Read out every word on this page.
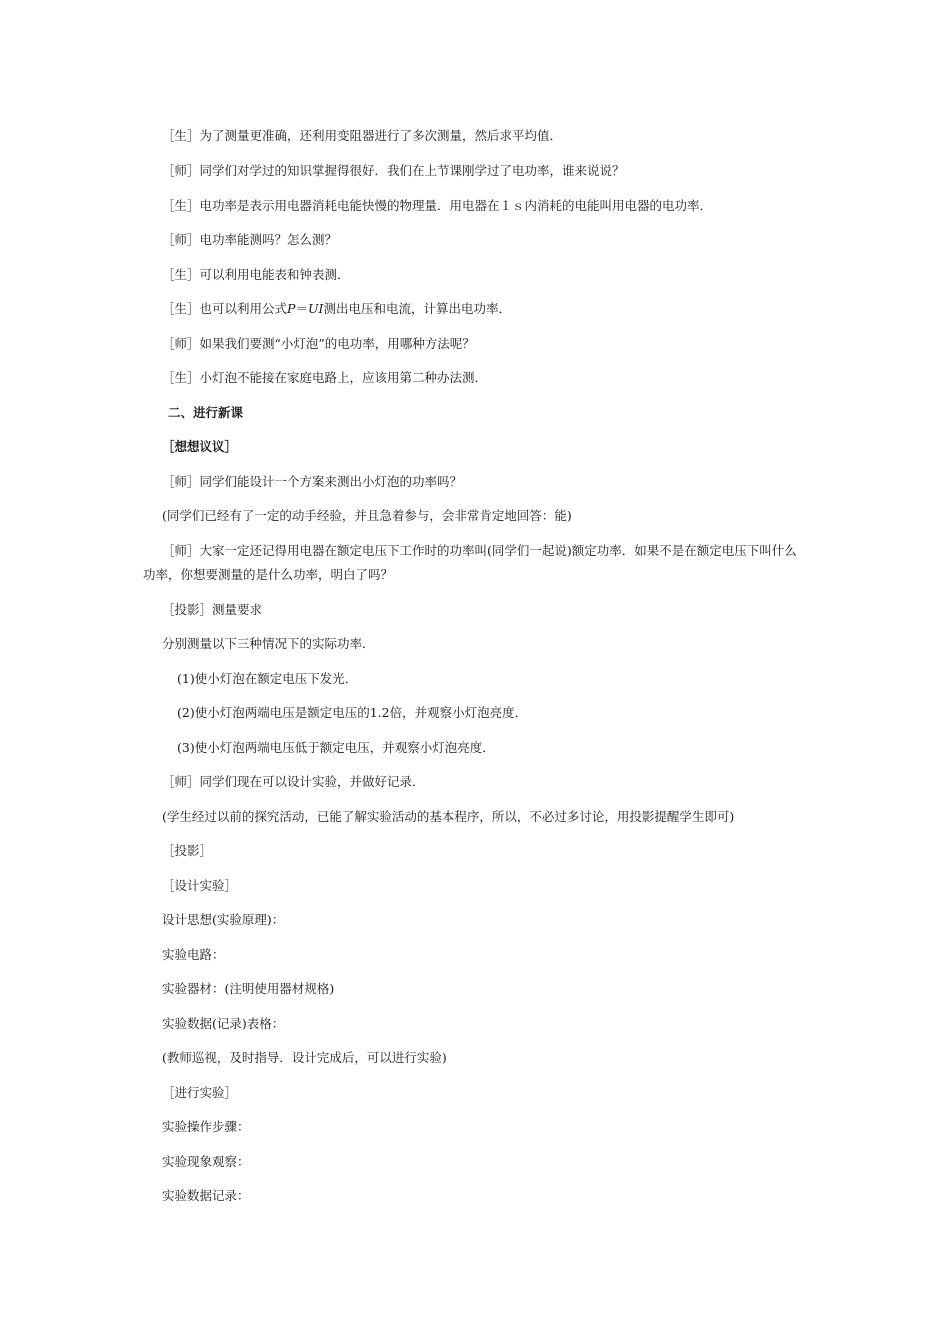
［生］为了测量更准确，还利用变阻器进行了多次测量，然后求平均值．
［师］同学们对学过的知识掌握得很好．我们在上节课刚学过了电功率，谁来说说？
［生］电功率是表示用电器消耗电能快慢的物理量．用电器在１ｓ内消耗的电能叫用电器的电功率．
［师］电功率能测吗？怎么测？
［生］可以利用电能表和钟表测．
［生］也可以利用公式P＝UI测出电压和电流，计算出电功率．
［师］如果我们要测“小灯泡”的电功率，用哪种方法呢？
［生］小灯泡不能接在家庭电路上，应该用第二种办法测．
二、进行新课
［想想议议］
［师］同学们能设计一个方案来测出小灯泡的功率吗？
(同学们已经有了一定的动手经验，并且急着参与，会非常肯定地回答：能)
［师］大家一定还记得用电器在额定电压下工作时的功率叫(同学们一起说)额定功率．如果不是在额定电压下叫什么
功率，你想要测量的是什么功率，明白了吗？
［投影］测量要求
分别测量以下三种情况下的实际功率．
(1)使小灯泡在额定电压下发光．
(2)使小灯泡两端电压是额定电压的1.2倍，并观察小灯泡亮度．
(3)使小灯泡两端电压低于额定电压，并观察小灯泡亮度．
［师］同学们现在可以设计实验，并做好记录．
(学生经过以前的探究活动，已能了解实验活动的基本程序，所以，不必过多讨论，用投影提醒学生即可)
［投影］
［设计实验］
设计思想(实验原理)：
实验电路：
实验器材：(注明使用器材规格)
实验数据(记录)表格：
(教师巡视，及时指导．设计完成后，可以进行实验)
［进行实验］
实验操作步骤：
实验现象观察：
实验数据记录：
